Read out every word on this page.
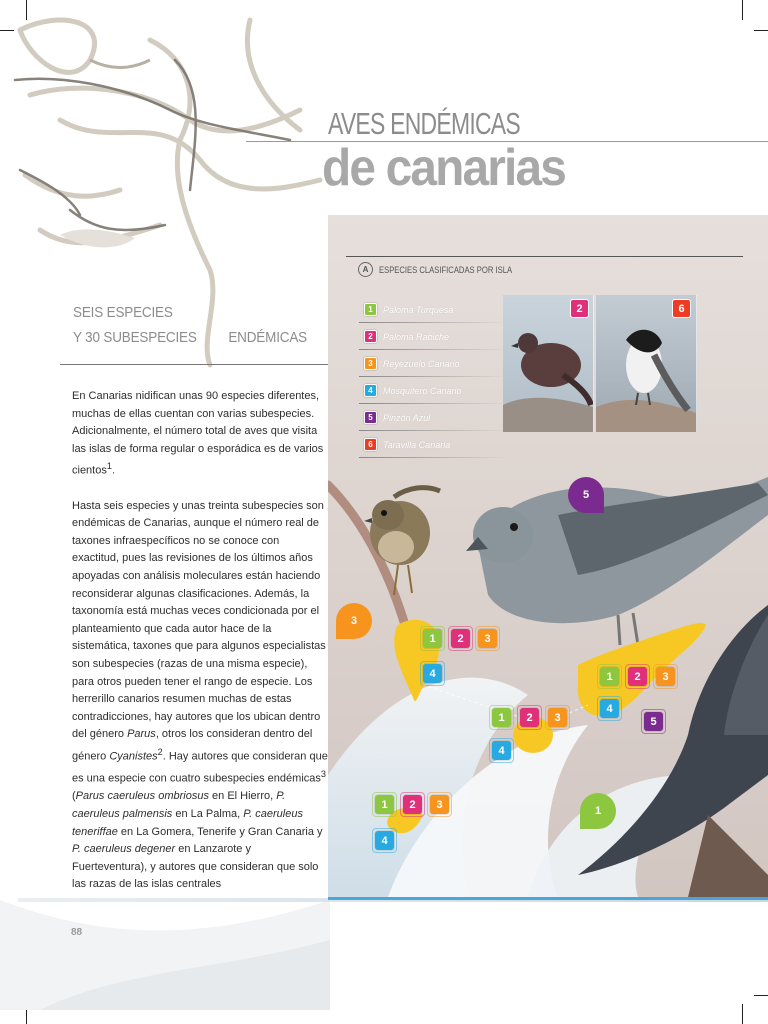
AVES ENDÉMICAS
de canarias
SEIS ESPECIES
Y 30 SUBESPECIES ENDÉMICAS

En Canarias nidifican unas 90 especies diferentes, muchas de ellas cuentan con varias subespecies. Adicionalmente, el número total de aves que visita las islas de forma regular o esporádica es de varios cientos$^1$.

Hasta seis especies y unas treinta subespecies son endémicas de Canarias, aunque el número real de taxones infraespecíficos no se conoce con exactitud, pues las revisiones de los últimos años apoyadas con análisis moleculares están haciendo reconsiderar algunas clasificaciones. Además, la taxonomía está muchas veces condicionada por el planteamiento que cada autor hace de la sistemática, taxones que para algunos especialistas son subespecies (razas de una misma especie), para otros pueden tener el rango de especie. Los herrerillo canarios resumen muchas de estas contradicciones, hay autores que los ubican dentro del género Parus, otros los consideran dentro del género Cyanistes$^2$. Hay autores que consideran que es una especie con cuatro subespecies endémicas$^3$ (Parus caeruleus ombriosus en El Hierro, P. caeruleus palmensis en La Palma, P. caeruleus teneriffae en La Gomera, Tenerife y Gran Canaria y P. caeruleus degener en Lanzarote y Fuerteventura), y autores que consideran que solo las razas de las islas centrales

88
A	ESPECIES CLASIFICADAS POR ISLA
1	Paloma Turquesa
2	Paloma Rabiche
3	Reyezuelo Canario
4	Mosquitero Canario
5	Pinzón Azul
6	Taravilla Canaria
2	6
3
5
1
1	2	3
4	1	2	3
4
5
1	2	3
4
1	2	3
4
